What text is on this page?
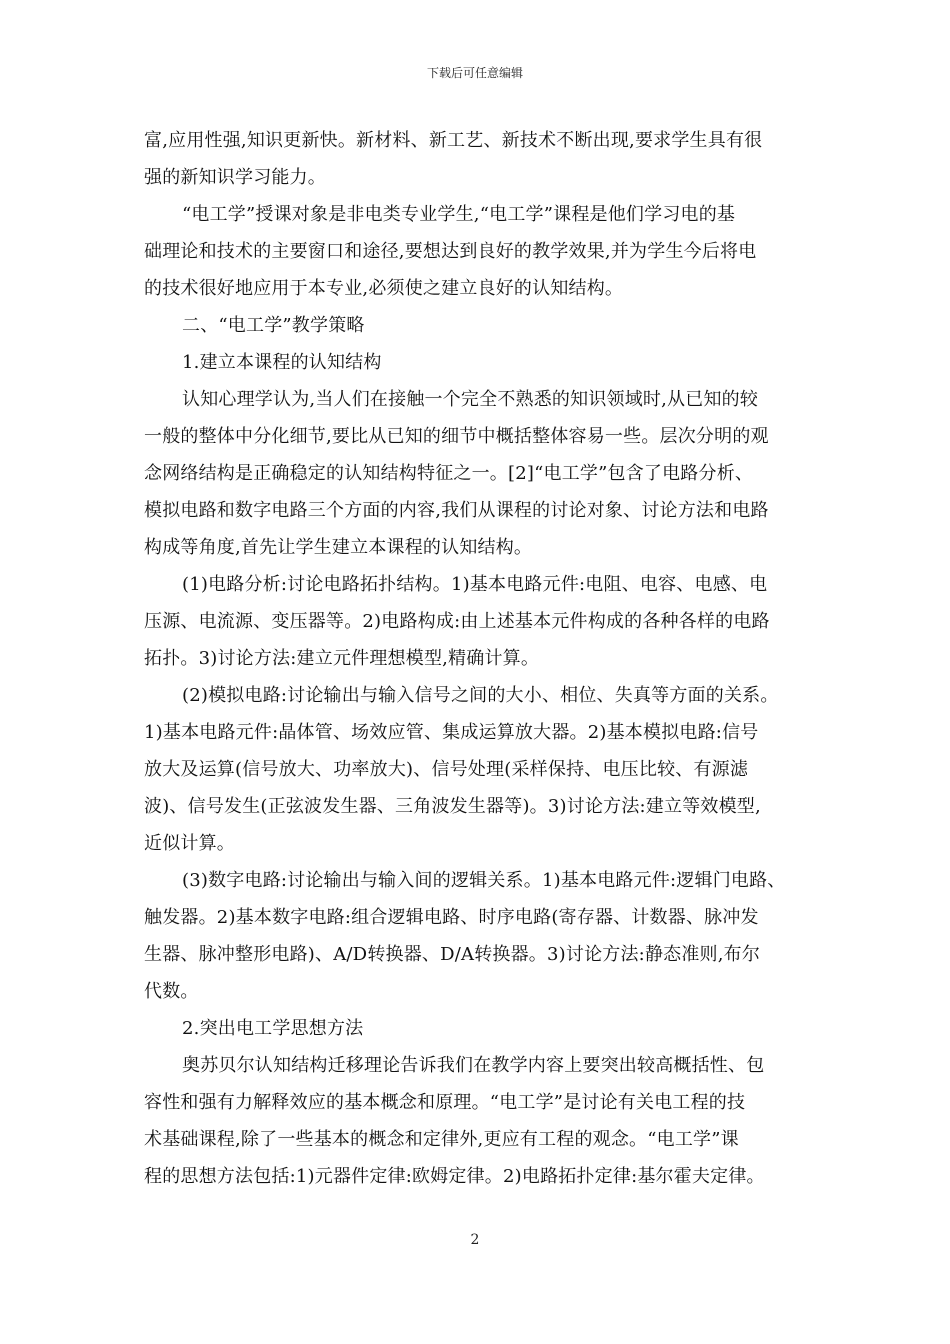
下载后可任意编辑
富,应用性强,知识更新快。新材料、新工艺、新技术不断出现,要求学生具有很
强的新知识学习能力。
“电工学”授课对象是非电类专业学生,“电工学”课程是他们学习电的基
础理论和技术的主要窗口和途径,要想达到良好的教学效果,并为学生今后将电
的技术很好地应用于本专业,必须使之建立良好的认知结构。
二、“电工学”教学策略
1.建立本课程的认知结构
认知心理学认为,当人们在接触一个完全不熟悉的知识领域时,从已知的较
一般的整体中分化细节,要比从已知的细节中概括整体容易一些。层次分明的观
念网络结构是正确稳定的认知结构特征之一。[2]“电工学”包含了电路分析、
模拟电路和数字电路三个方面的内容,我们从课程的讨论对象、讨论方法和电路
构成等角度,首先让学生建立本课程的认知结构。
(1)电路分析:讨论电路拓扑结构。1)基本电路元件:电阻、电容、电感、电
压源、电流源、变压器等。2)电路构成:由上述基本元件构成的各种各样的电路
拓扑。3)讨论方法:建立元件理想模型,精确计算。
(2)模拟电路:讨论输出与输入信号之间的大小、相位、失真等方面的关系。
1)基本电路元件:晶体管、场效应管、集成运算放大器。2)基本模拟电路:信号
放大及运算(信号放大、功率放大)、信号处理(采样保持、电压比较、有源滤
波)、信号发生(正弦波发生器、三角波发生器等)。3)讨论方法:建立等效模型,
近似计算。
(3)数字电路:讨论输出与输入间的逻辑关系。1)基本电路元件:逻辑门电路、
触发器。2)基本数字电路:组合逻辑电路、时序电路(寄存器、计数器、脉冲发
生器、脉冲整形电路)、A/D转换器、D/A转换器。3)讨论方法:静态准则,布尔
代数。
2.突出电工学思想方法
奥苏贝尔认知结构迁移理论告诉我们在教学内容上要突出较高概括性、包
容性和强有力解释效应的基本概念和原理。“电工学”是讨论有关电工程的技
术基础课程,除了一些基本的概念和定律外,更应有工程的观念。“电工学”课
程的思想方法包括:1)元器件定律:欧姆定律。2)电路拓扑定律:基尔霍夫定律。
2
